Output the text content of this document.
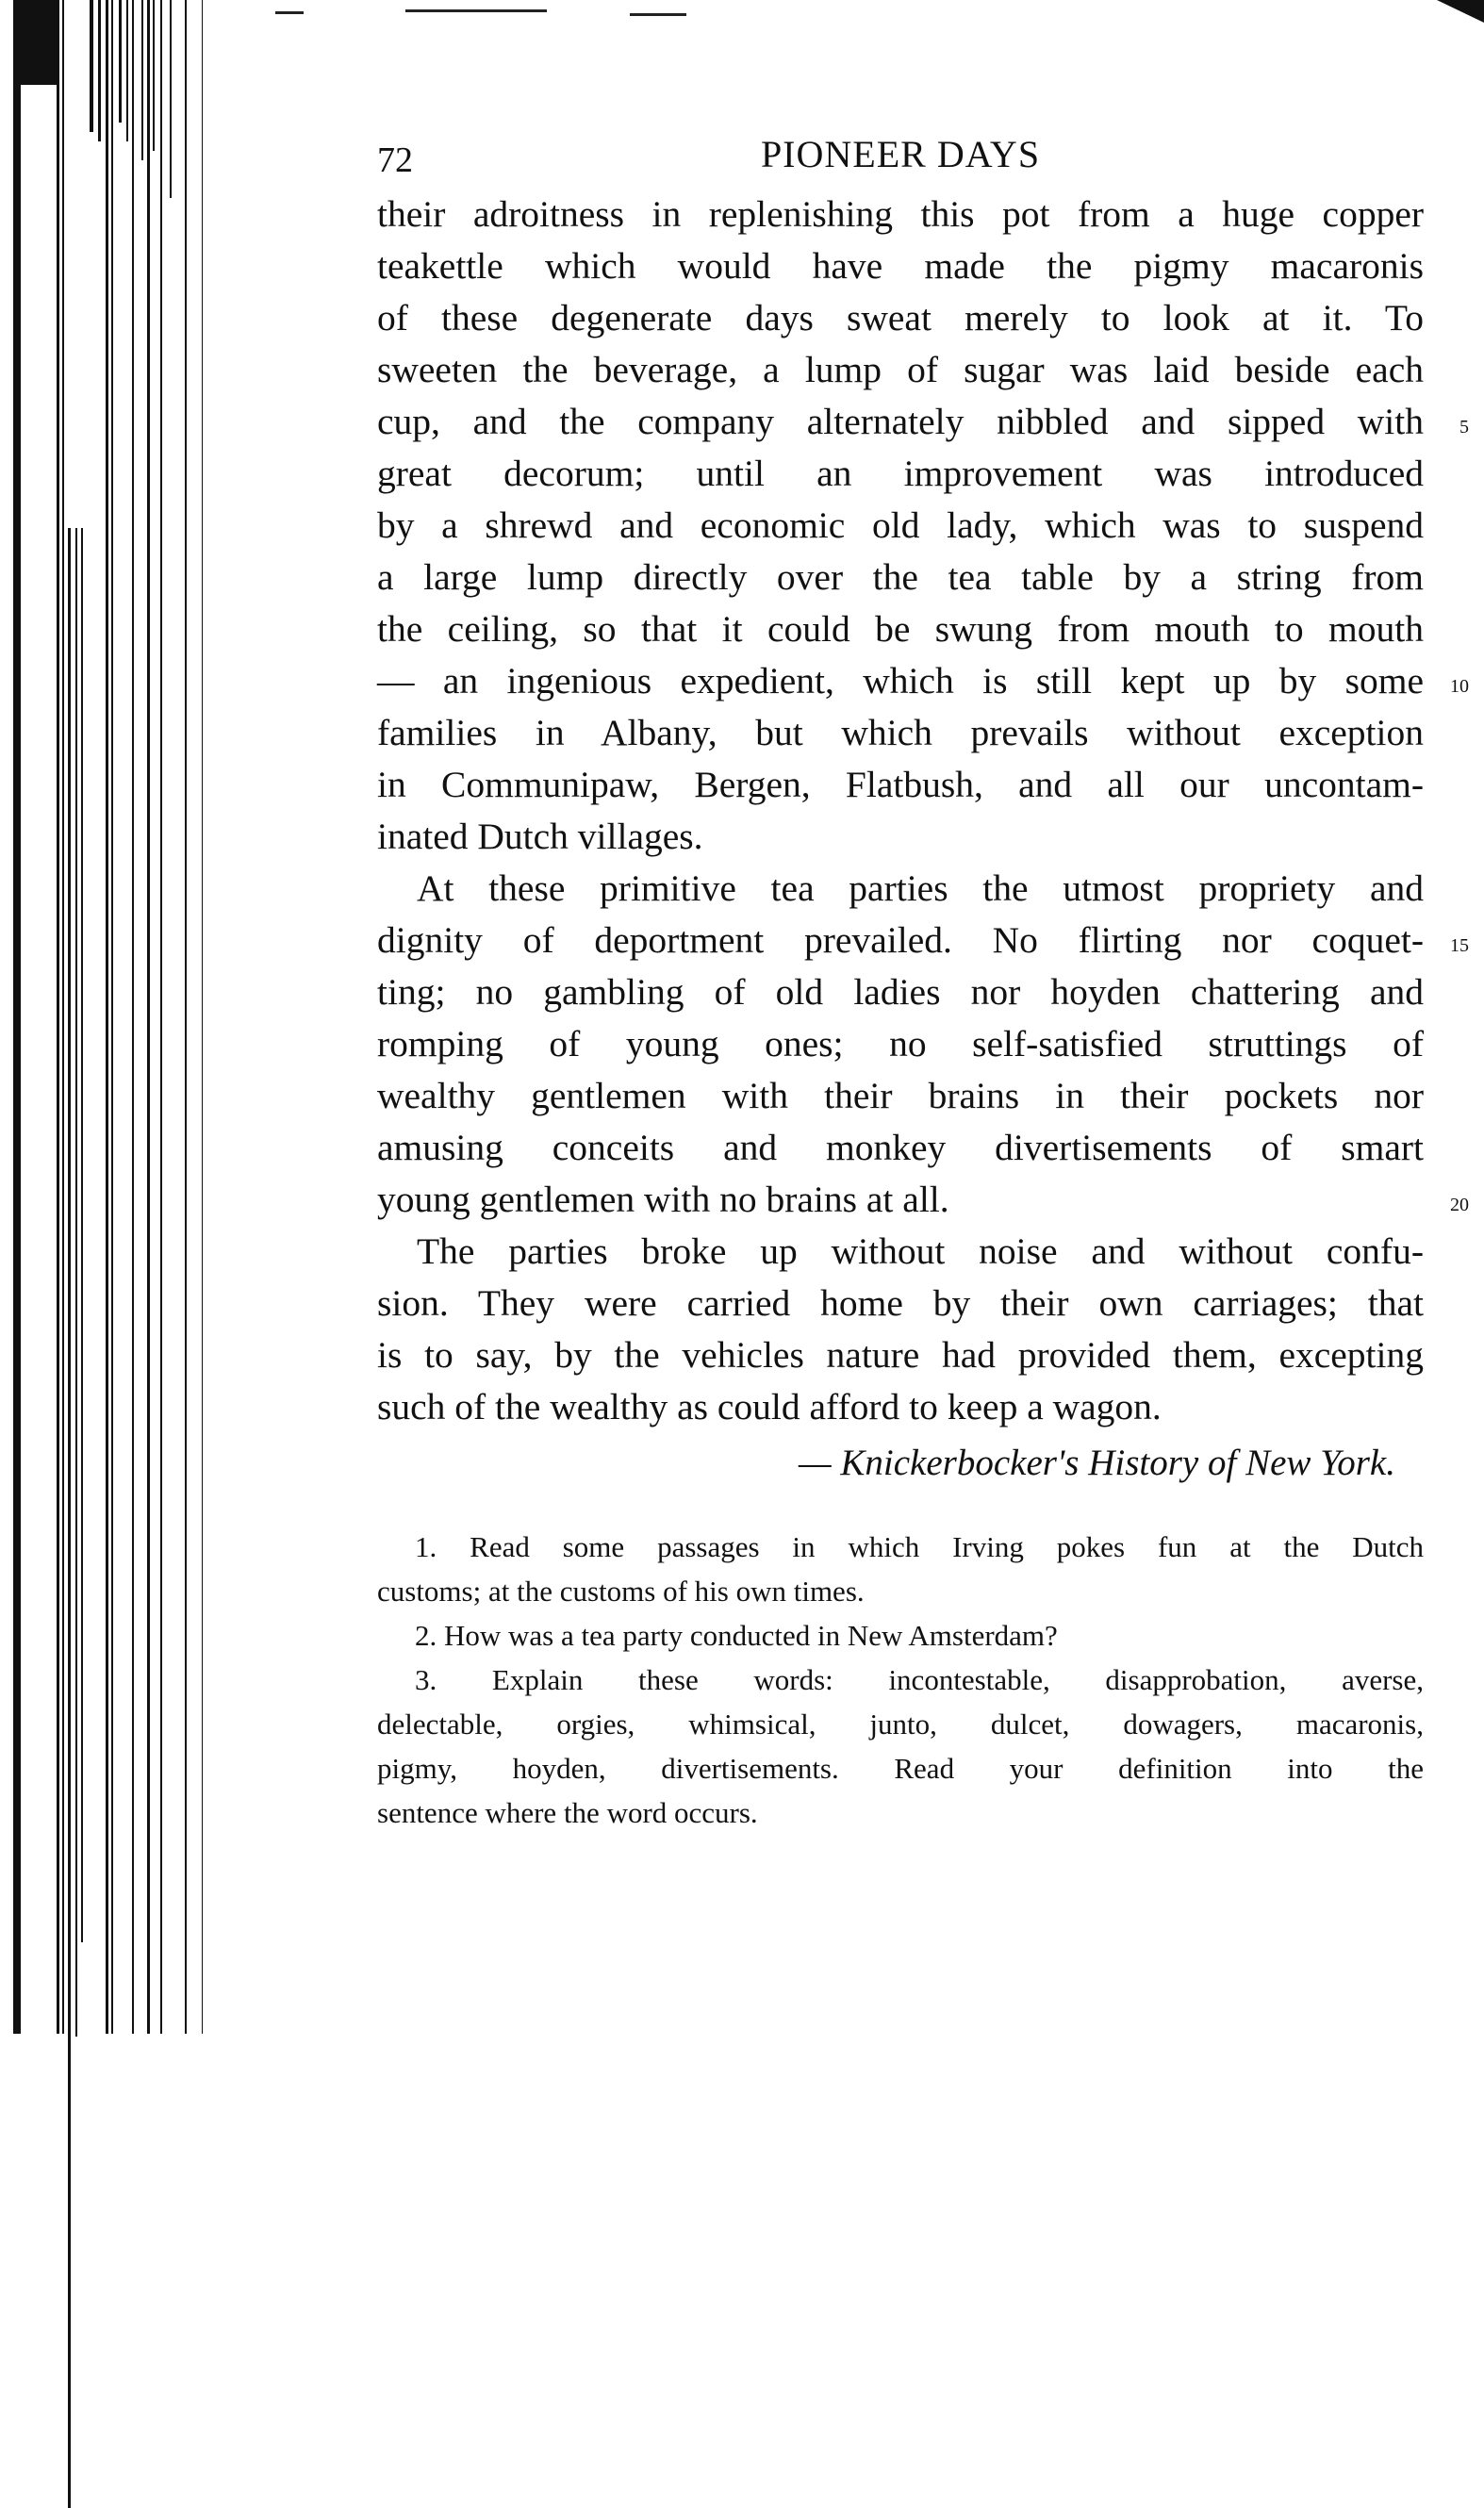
72	PIONEER DAYS
their adroitness in replenishing this pot from a huge copper
teakettle which would have made the pigmy macaronis
of these degenerate days sweat merely to look at it. To
sweeten the beverage, a lump of sugar was laid beside each
cup, and the company alternately nibbled and sipped with 5
great decorum; until an improvement was introduced
by a shrewd and economic old lady, which was to suspend
a large lump directly over the tea table by a string from
the ceiling, so that it could be swung from mouth to mouth
— an ingenious expedient, which is still kept up by some 10
families in Albany, but which prevails without exception
in Communipaw, Bergen, Flatbush, and all our uncontam-
inated Dutch villages.
At these primitive tea parties the utmost propriety and
dignity of deportment prevailed. No flirting nor coquet- 15
ting; no gambling of old ladies nor hoyden chattering and
romping of young ones; no self-satisfied struttings of
wealthy gentlemen with their brains in their pockets nor
amusing conceits and monkey divertisements of smart
young gentlemen with no brains at all.	20
The parties broke up without noise and without confu-
sion. They were carried home by their own carriages; that
is to say, by the vehicles nature had provided them, excepting
such of the wealthy as could afford to keep a wagon.
— Knickerbocker's History of New York.
1. Read some passages in which Irving pokes fun at the Dutch
customs; at the customs of his own times.
2. How was a tea party conducted in New Amsterdam?
3. Explain these words: incontestable, disapprobation, averse,
delectable, orgies, whimsical, junto, dulcet, dowagers, macaronis,
pigmy, hoyden, divertisements. Read your definition into the
sentence where the word occurs.
